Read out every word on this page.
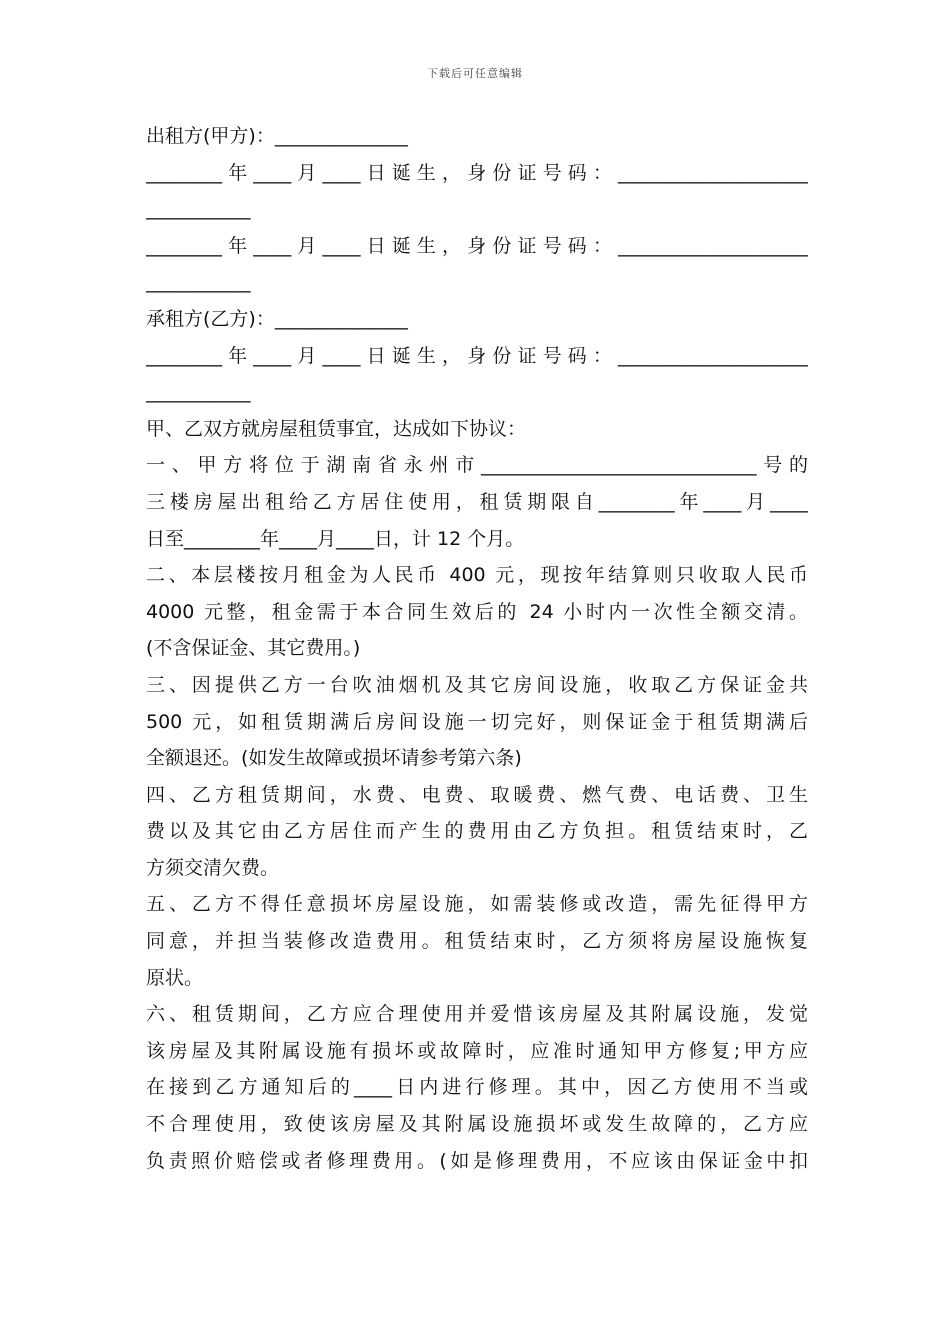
下载后可任意编辑
出租方(甲方)：______________
________年____月____日诞生，身份证号码：____________________
___________
________年____月____日诞生，身份证号码：____________________
___________
承租方(乙方)：______________
________年____月____日诞生，身份证号码：____________________
___________
甲、乙双方就房屋租赁事宜，达成如下协议：
一、甲方将位于湖南省永州市_____________________________号的
三楼房屋出租给乙方居住使用，租赁期限自________年____月____
日至________年____月____日，计 12 个月。
二、本层楼按月租金为人民币 400 元，现按年结算则只收取人民币
4000 元整，租金需于本合同生效后的 24 小时内一次性全额交清。
(不含保证金、其它费用。)
三、因提供乙方一台吹油烟机及其它房间设施，收取乙方保证金共
500 元，如租赁期满后房间设施一切完好，则保证金于租赁期满后
全额退还。(如发生故障或损坏请参考第六条)
四、乙方租赁期间，水费、电费、取暖费、燃气费、电话费、卫生
费以及其它由乙方居住而产生的费用由乙方负担。租赁结束时，乙
方须交清欠费。
五、乙方不得任意损坏房屋设施，如需装修或改造，需先征得甲方
同意，并担当装修改造费用。租赁结束时，乙方须将房屋设施恢复
原状。
六、租赁期间，乙方应合理使用并爱惜该房屋及其附属设施，发觉
该房屋及其附属设施有损坏或故障时，应准时通知甲方修复;甲方应
在接到乙方通知后的____日内进行修理。其中，因乙方使用不当或
不合理使用，致使该房屋及其附属设施损坏或发生故障的，乙方应
负责照价赔偿或者修理费用。(如是修理费用，不应该由保证金中扣
